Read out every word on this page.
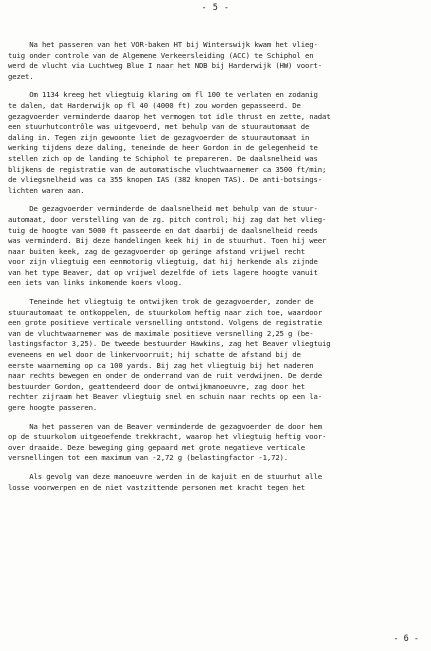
- 5 -
Na het passeren van het VOR-baken HT bij Winterswijk kwam het vlieg-
tuig onder controle van de Algemene Verkeersleiding (ACC) te Schiphol en
werd de vlucht via Luchtweg Blue I naar het NDB bij Harderwijk (HW) voort-
gezet.
Om 1134 kreeg het vliegtuig klaring om fl 100 te verlaten en zodanig
te dalen, dat Harderwijk op fl 40 (4000 ft) zou worden gepasseerd. De
gezagvoerder verminderde daarop het vermogen tot idle thrust en zette, nadat
een stuurhutcontrôle was uitgevoerd, met behulp van de stuurautomaat de
daling in. Tegen zijn gewoonte liet de gezagvoerder de stuurautomaat in
werking tijdens deze daling, teneinde de heer Gordon in de gelegenheid te
stellen zich op de landing te Schiphol te prepareren. De daalsnelheid was
blijkens de registratie van de automatische vluchtwaarnemer ca 3500 ft/min;
de vliegsnelheid was ca 355 knopen IAS (382 knopen TAS). De anti-botsings-
lichten waren aan.
De gezagvoerder verminderde de daalsnelheid met behulp van de stuur-
automaat, door verstelling van de zg. pitch control; hij zag dat het vlieg-
tuig de hoogte van 5000 ft passeerde en dat daarbij de daalsnelheid reeds
was verminderd. Bij deze handelingen keek hij in de stuurhut. Toen hij weer
naar buiten keek, zag de gezagvoerder op geringe afstand vrijwel recht
voor zijn vliegtuig een eenmotorig vliegtuig, dat hij herkende als zijnde
van het type Beaver, dat op vrijwel dezelfde of iets lagere hoogte vanuit
een iets van links inkomende koers vloog.
Teneinde het vliegtuig te ontwijken trok de gezagvoerder, zonder de
stuurautomaat te ontkoppelen, de stuurkolom heftig naar zich toe, waardoor
een grote positieve verticale versnelling ontstond. Volgens de registratie
van de vluchtwaarnemer was de maximale positieve versnelling 2,25 g (be-
lastingsfactor 3,25). De tweede bestuurder Hawkins, zag het Beaver vliegtuig
eveneens en wel door de linkervoorruit; hij schatte de afstand bij de
eerste waarneming op ca 100 yards. Bij zag het vliegtuig bij het naderen
naar rechts bewegen en onder de onderrand van de ruit verdwijnen. De derde
bestuurder Gordon, geattendeerd door de ontwijkmanoeuvre, zag door het
rechter zijraam het Beaver vliegtuig snel en schuin naar rechts op een la-
gere hoogte passeren.
Na het passeren van de Beaver verminderde de gezagvoerder de door hem
op de stuurkolom uitgeoefende trekkracht, waarop het vliegtuig heftig voor-
over draaide. Deze beweging ging gepaard met grote negatieve verticale
versnellingen tot een maximum van -2,72 g (belastingfactor -1,72).
Als gevolg van deze manoeuvre werden in de kajuit en de stuurhut alle
losse voorwerpen en de niet vastzittende personen met kracht tegen het
- 6 -
